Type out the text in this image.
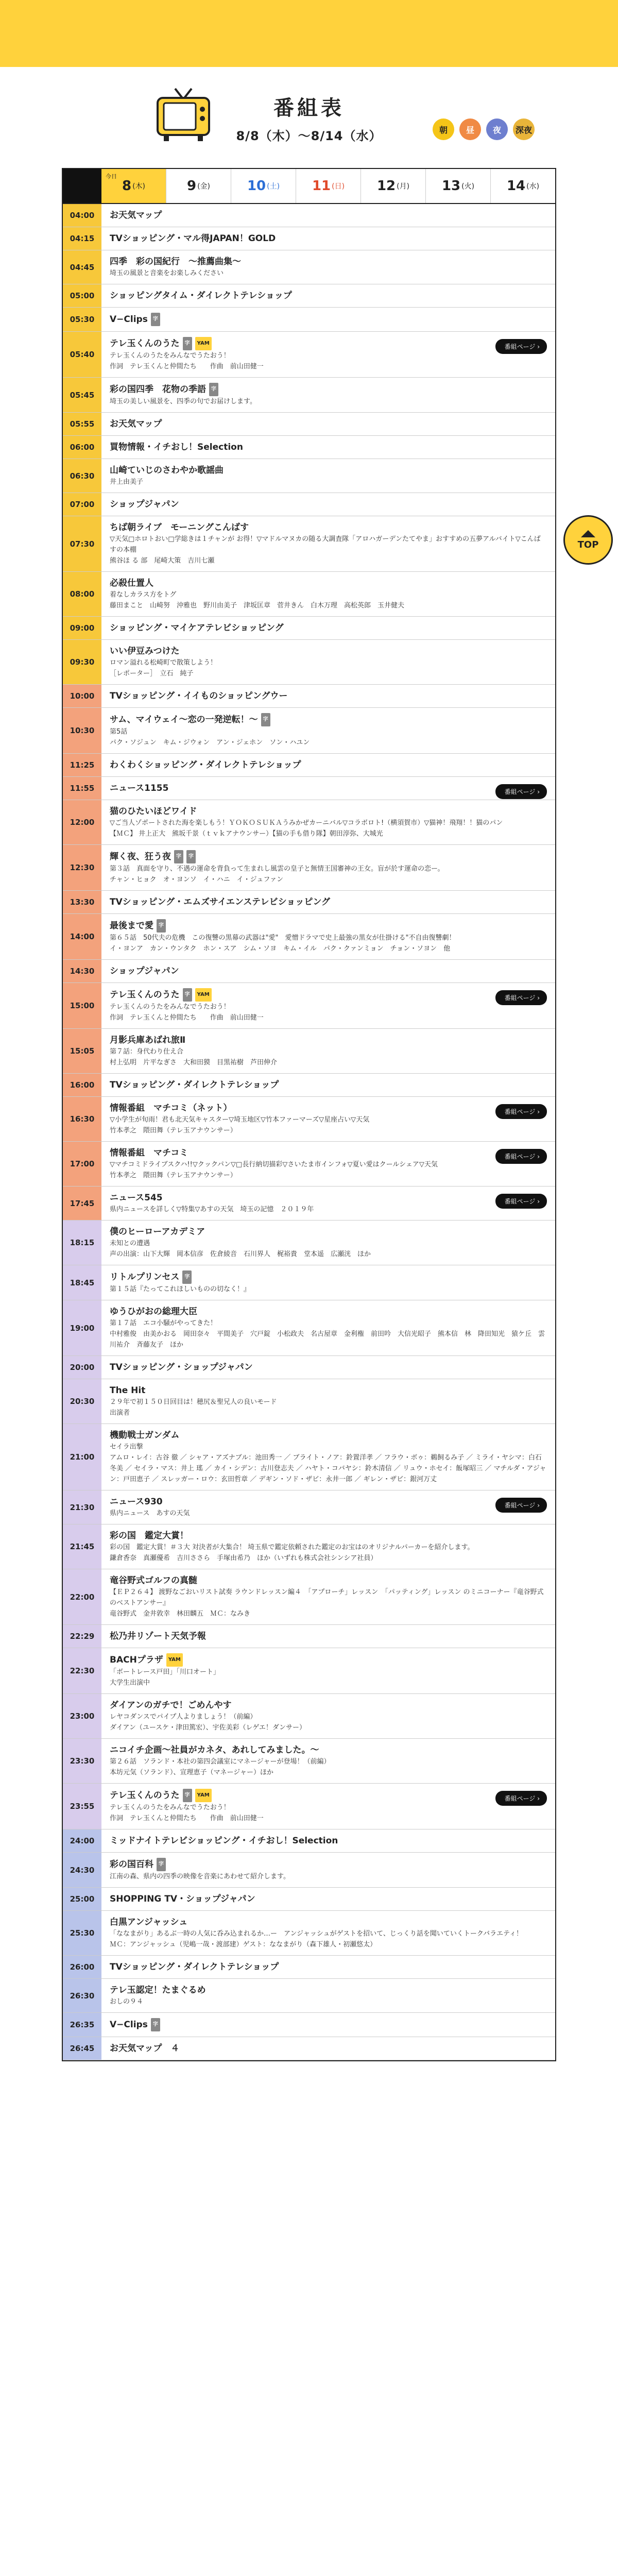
番組表
8/8（木）〜8/14（水）	朝	昼	夜	深夜
今日
8 (木)	9 (金)	10 (土) 11 (日) 12 (月) 13 (火) 14 (水)
04:00	お天気マップ
04:15	TVショッピング・マル得JAPAN！GOLD
04:45
四季　彩の国紀行　〜推薦曲集〜
埼玉の風景と音楽をお楽しみください
05:00	ショッピングタイム・ダイレクトテレショップ
05:30	V−Clips 字
05:40
テレ玉くんのうた 字 YAM
テレ玉くんのうたをみんなでうたおう！
作詞　テレ玉くんと仲間たち　　作曲　前山田健一
番組ページ ›
05:45
彩の国四季　花物の季語 字
埼玉の美しい風景を、四季の句でお届けします。
05:55	お天気マップ
06:00	買物情報・イチおし！Selection
06:30
山崎ていじのさわやか歌謡曲
井上由美子
07:00	ショップジャパン
07:30
ちば朝ライブ　モーニングこんばす
▽天気□ホロトおい□学総きは１チャンが お得！▽マドルマヌカの随る大調査隊「アロハガーデンたてやま」おすすめの五夢アルバイト▽こんばすの本棚
熊谷ほ る 部　尾崎大策　吉川七瀬
08:00
必殺仕置人
着なしカラス方をトグ
藤田まこと　山崎努　沖雅也　野川由美子　津坂匡章　菅井きん　白木万理　高松英郎　玉井健夫
09:00	ショッピング・マイケアテレビショッピング
09:30
いい伊豆みつけた
ロマン溢れる松崎町で散策しよう！
［レポーター］　立石　純子
10:00	TVショッピング・イイものショッピングウー
10:30
サム、マイウェイ〜恋の一発逆転！〜 字
第5話
パク・ソジュン　キム・ジウォン　アン・ジェホン　ソン・ハユン
11:25	わくわくショッピング・ダイレクトテレショップ
11:55	ニュース1155	番組ページ ›
12:00
猫のひたいほどワイド
▽ご当人ゾポートされた海を楽しもう！ＹＯＫＯＳＵＫＡうみかぜカーニバル▽コラボロト!（横須賀市）▽猫神！飛翔！！猫のパン
【ＭＣ】 井上正大　熊坂千景（ｔｖｋアナウンサー）【猫の手も借り隊】朝田淳弥、大城光
12:30
輝く夜、狂う夜 字 字
第３話　真面を守り、不遇の運命を背負って生まれし風雲の皇子と無情王国審神の王女。盲が於す運命の恋ー。
チャン・ヒョク　オ・ヨンソ　イ・ハニ　イ・ジュファン
13:30	TVショッピング・エムズサイエンステレビショッピング
14:00
最後まで愛 字
第６５話　50代夫の危機　この復讐の黒幕の武器は"愛"　愛憎ドラマで史上最強の黒女が仕掛ける"不自由復讐劇！
イ・ヨンア　カン・ウンタク　ホン・スア　シム・ソヨ　キム・イル　パク・クァンミョン　チョン・ソヨン　他
14:30	ショップジャパン
15:00
テレ玉くんのうた 字 YAM
テレ玉くんのうたをみんなでうたおう！
作詞　テレ玉くんと仲間たち　　作曲　前山田健一
番組ページ ›
15:05
月影兵庫あばれ旅Ⅱ
第７話：身代わり仕え合
村上弘明　片平なぎさ　大和田獏　目黒祐樹　芦田伸介
16:00	TVショッピング・ダイレクトテレショップ
16:30
情報番組　マチコミ（ネット）
▽小学生が旬雨！君も北天気キャスター▽埼玉地区▽竹本ファーマーズ▽星座占い▽天気
竹本孝之　隈田舞（テレ玉アナウンサー）
番組ページ ›
17:00
情報番組　マチコミ
▽マチコミドライブスクハ!!▽クックパン▽□長行納切描彩▽さいたま市インフォ▽夏い愛はクールシェア▽天気
竹本孝之　隈田舞（テレ玉アナウンサー）
番組ページ ›
17:45
ニュース545
県内ニュースを詳しく▽特集▽あすの天気　埼玉の記憶　２０１９年
番組ページ ›
18:15
僕のヒーローアカデミア
未知との遭遇
声の出演：山下大輝　岡本信彦　佐倉綾音　石川界人　梶裕貴　堂本遥　広瀬洸　ほか
18:45
リトルプリンセス 字
第１５話『たってこれほしいものの切なく！』
19:00
ゆうひがおの総理大臣
第１７話　エコ小騒がやってきた！
中村雅俊　由美かおる　岡田奈々　平間美子　穴戸錠　小松政夫　名古屋章　金利権　前田吟　大信光昭子　熊本信　林　降田知光　猿ケ丘　雲川祐介　斉藤友子　ほか
20:00	TVショッピング・ショップジャパン
20:30
The Hit
２９年で初１５０日回目は！穂尻＆聖兄人の良いモード
出演者
21:00
機動戦士ガンダム
セイラ出撃
アムロ・レイ：古谷 徹 ／ シャア・アズナブル：池田秀一 ／ ブライト・ノア：鈴置洋孝 ／ フラウ・ボゥ：鵜飼るみ子 ／ ミライ・ヤシマ：白石冬美 ／ セイラ・マス：井上 瑤 ／ カイ・シデン：古川登志夫 ／ ハヤト・コバヤシ：鈴木清信 ／ リュウ・ホセイ：飯塚昭三 ／ マチルダ・アジャン：戸田恵子 ／ スレッガー・ロウ：玄田哲章 ／ デギン・ソド・ザビ：永井一郎 ／ ギレン・ザビ：銀河万丈
21:30
ニュース930
県内ニュース　あすの天気
番組ページ ›
21:45
彩の国　鑑定大賞！
彩の国　鑑定大賞！＃３大 対決者が大集合！ 埼玉県で鑑定依頼された鑑定のお宝はのオリジナルパーカーを紹介します。
鎌倉香奈　真瀬優希　吉川ささら　手塚由希乃　ほか（いずれも株式会社シンシア社員）
22:00
竜谷野式ゴルフの真髄
【ＥＰ２６４】 渡野なごおいリスト試奏 ラウンドレッスン編４　「アプローチ」レッスン　「パッティング」レッスン のミニコーナー『竜谷野式のベストアンサー』
竜谷野式　金井敦幸　林田麟五　ＭＣ：なみき
22:29	松乃井リゾート天気予報
22:30
BACHプラザ YAM
「ボートレース戸田」「川口オート」
大学生出演中
23:00
ダイアンのガチで！ごめんやす
レヤコダンスでパイプ人よりましょう！（前編）
ダイアン（ユースケ・津田篤宏）、宇佐美彩（レゲエ！ダンサー）
23:30
ニコイチ企画〜社員がカネタ、あれしてみました。〜
第２６話　ソランド・本社の第四会議室にマネージャーが登場！（前編）
本坊元気（ソランド）、宣理恵子（マネージャー）ほか
23:55
テレ玉くんのうた 字 YAM
テレ玉くんのうたをみんなでうたおう！
作詞　テレ玉くんと仲間たち　　作曲　前山田健一
番組ページ ›
24:00	ミッドナイトテレビショッピング・イチおし！Selection
24:30
彩の国百科 字
江南の森、県内の四季の映像を音楽にあわせて紹介します。
25:00	SHOPPING TV・ショップジャパン
25:30
白黒アンジャッシュ
「ななまがり」あるぶ一時の人気に呑み込まれるか…ー　アンジャッシュがゲストを招いて、じっくり話を聞いていくトークバラエティ！
ＭＣ：アンジャッシュ（児嶋一哉・渡部建）ゲスト：ななまがり（森下雄人・初瀬悠太）
26:00	TVショッピング・ダイレクトテレショップ
26:30
テレ玉認定！たまぐるめ
おしの９４
26:35	V−Clips 字
26:45	お天気マップ　４
TOP
